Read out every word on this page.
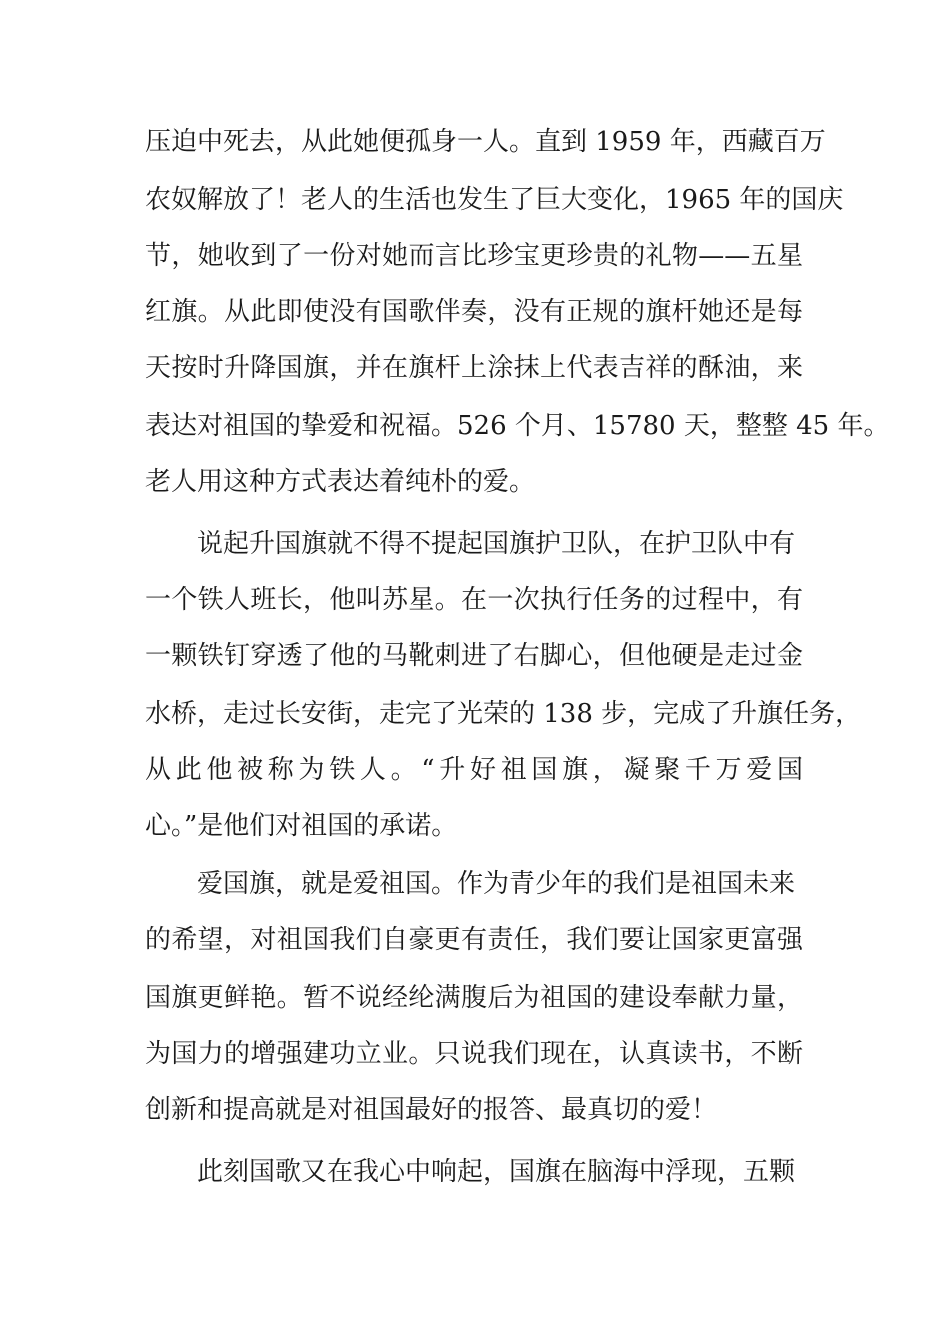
压迫中死去，从此她便孤身一人。直到 1959 年，西藏百万
农奴解放了！老人的生活也发生了巨大变化，1965 年的国庆
节，她收到了一份对她而言比珍宝更珍贵的礼物——五星
红旗。从此即使没有国歌伴奏，没有正规的旗杆她还是每
天按时升降国旗，并在旗杆上涂抹上代表吉祥的酥油，来
表达对祖国的挚爱和祝福。526 个月、15780 天，整整 45 年。
老人用这种方式表达着纯朴的爱。
说起升国旗就不得不提起国旗护卫队，在护卫队中有
一个铁人班长，他叫苏星。在一次执行任务的过程中，有
一颗铁钉穿透了他的马靴刺进了右脚心，但他硬是走过金
水桥，走过长安街，走完了光荣的 138 步，完成了升旗任务，
从此他被称为铁人。“升好祖国旗，凝聚千万爱国
心。”是他们对祖国的承诺。
爱国旗，就是爱祖国。作为青少年的我们是祖国未来
的希望，对祖国我们自豪更有责任，我们要让国家更富强
国旗更鲜艳。暂不说经纶满腹后为祖国的建设奉献力量，
为国力的增强建功立业。只说我们现在，认真读书，不断
创新和提高就是对祖国最好的报答、最真切的爱！
此刻国歌又在我心中响起，国旗在脑海中浮现，五颗
